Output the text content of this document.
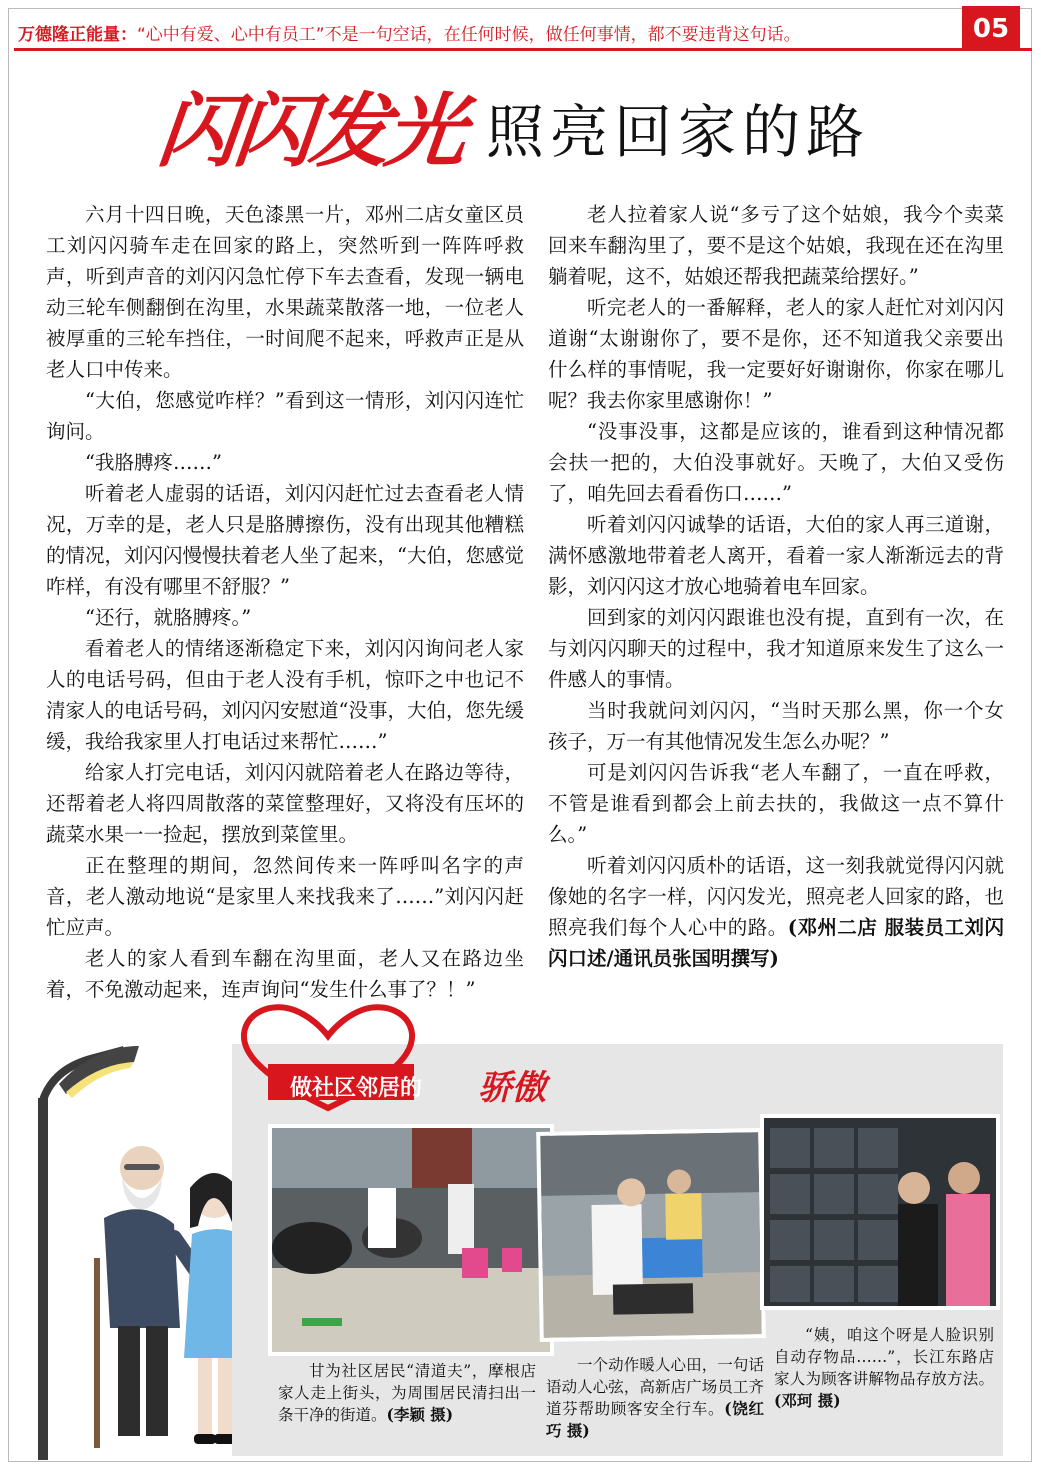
万德隆正能量：“心中有爱、心中有员工”不是一句空话，在任何时候，做任何事情，都不要违背这句话。	05
闪闪发光 照亮回家的路

六月十四日晚，天色漆黑一片，邓州二店女童区员工刘闪闪骑车走在回家的路上，突然听到一阵阵呼救声，听到声音的刘闪闪急忙停下车去查看，发现一辆电动三轮车侧翻倒在沟里，水果蔬菜散落一地，一位老人被厚重的三轮车挡住，一时间爬不起来，呼救声正是从老人口中传来。

“大伯，您感觉咋样？”看到这一情形，刘闪闪连忙询问。

“我胳膊疼……”

听着老人虚弱的话语，刘闪闪赶忙过去查看老人情况，万幸的是，老人只是胳膊擦伤，没有出现其他糟糕的情况，刘闪闪慢慢扶着老人坐了起来，“大伯，您感觉咋样，有没有哪里不舒服？”

“还行，就胳膊疼。”

看着老人的情绪逐渐稳定下来，刘闪闪询问老人家人的电话号码，但由于老人没有手机，惊吓之中也记不清家人的电话号码，刘闪闪安慰道“没事，大伯，您先缓缓，我给我家里人打电话过来帮忙……”

给家人打完电话，刘闪闪就陪着老人在路边等待，还帮着老人将四周散落的菜筐整理好，又将没有压坏的蔬菜水果一一捡起，摆放到菜筐里。

正在整理的期间，忽然间传来一阵呼叫名字的声音，老人激动地说“是家里人来找我来了……”刘闪闪赶忙应声。

老人的家人看到车翻在沟里面，老人又在路边坐着，不免激动起来，连声询问“发生什么事了？！”

老人拉着家人说“多亏了这个姑娘，我今个卖菜回来车翻沟里了，要不是这个姑娘，我现在还在沟里躺着呢，这不，姑娘还帮我把蔬菜给摆好。”

听完老人的一番解释，老人的家人赶忙对刘闪闪道谢“太谢谢你了，要不是你，还不知道我父亲要出什么样的事情呢，我一定要好好谢谢你，你家在哪儿呢？我去你家里感谢你！”

“没事没事，这都是应该的，谁看到这种情况都会扶一把的，大伯没事就好。天晚了，大伯又受伤了，咱先回去看看伤口……”

听着刘闪闪诚挚的话语，大伯的家人再三道谢，满怀感激地带着老人离开，看着一家人渐渐远去的背影，刘闪闪这才放心地骑着电车回家。

回到家的刘闪闪跟谁也没有提，直到有一次，在与刘闪闪聊天的过程中，我才知道原来发生了这么一件感人的事情。

当时我就问刘闪闪，“当时天那么黑，你一个女孩子，万一有其他情况发生怎么办呢？”

可是刘闪闪告诉我“老人车翻了，一直在呼救，不管是谁看到都会上前去扶的，我做这一点不算什么。”

听着刘闪闪质朴的话语，这一刻我就觉得闪闪就像她的名字一样，闪闪发光，照亮老人回家的路，也照亮我们每个人心中的路。(邓州二店 服装员工刘闪闪口述/通讯员张国明撰写)

做社区邻居的	骄傲

甘为社区居民“清道夫”，摩根店家人走上街头，为周围居民清扫出一条干净的街道。(李颖 摄)

一个动作暖人心田，一句话语动人心弦，高新店广场员工齐道芬帮助顾客安全行车。(饶红巧 摄)

“姨，咱这个呀是人脸识别自动存物品……”，长江东路店家人为顾客讲解物品存放方法。(邓珂 摄)
